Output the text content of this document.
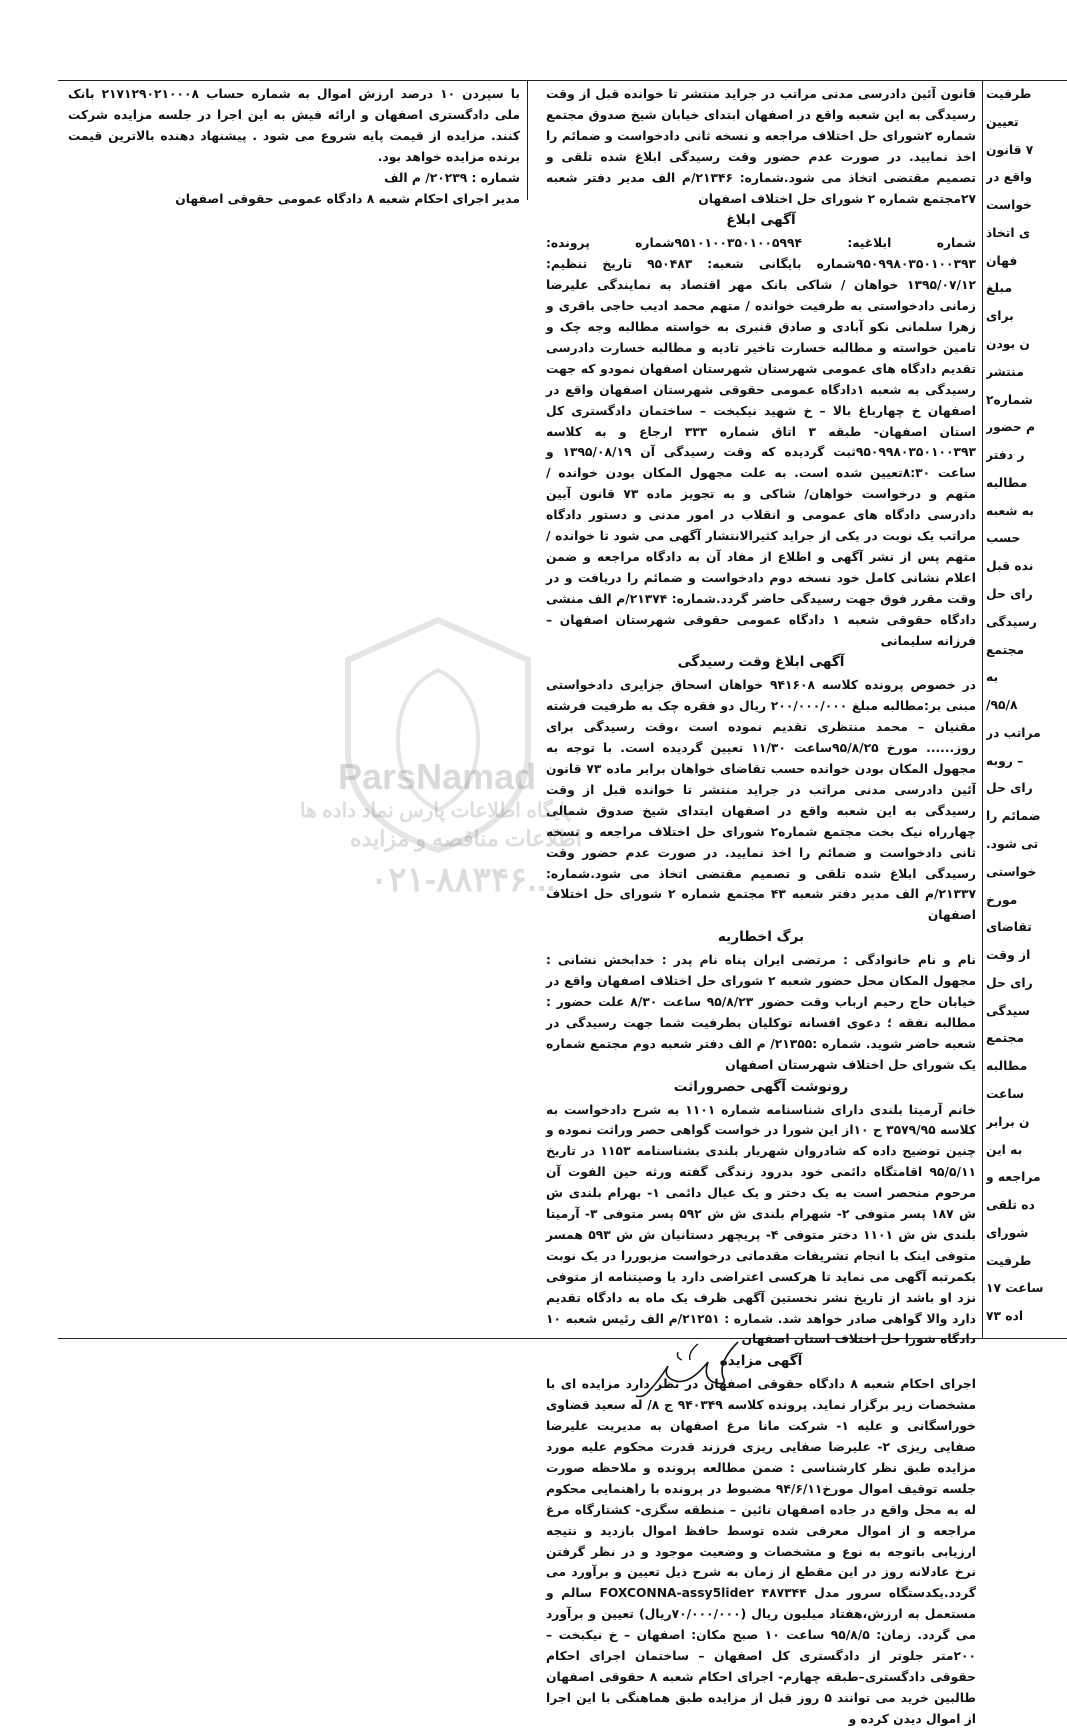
با سپردن ۱۰ درصد ارزش اموال به شماره حساب ۲۱۷۱۲۹۰۲۱۰۰۰۸ بانک ملی دادگستری اصفهان و ارائه فیش به این اجرا در جلسه مزایده شرکت کنند. مزایده از قیمت پایه شروع می شود . پیشنهاد دهنده بالاترین قیمت برنده مزایده خواهد بود.

شماره : ۲۰۲۳۹/ م الف

مدیر اجرای احکام شعبه ۸ دادگاه عمومی حقوقی اصفهان

قانون آئین دادرسی مدنی مراتب در جراید منتشر تا خوانده قبل از وقت رسیدگی به این شعبه واقع در اصفهان ابتدای خیابان شیخ صدوق مجتمع شماره ۲شورای حل اختلاف مراجعه و نسخه ثانی دادخواست و ضمائم را اخذ نمایید. در صورت عدم حضور وقت رسیدگی ابلاغ شده تلقی و تصمیم مقتضی اتخاذ می شود.شماره: ۲۱۳۴۶/م الف مدیر دفتر شعبه ۲۷مجتمع شماره ۲ شورای حل اختلاف اصفهان

آگهی ابلاغ

شماره ابلاغیه: ۹۵۱۰۱۰۰۳۵۰۱۰۰۵۹۹۴شماره پرونده: ۹۵۰۹۹۸۰۳۵۰۱۰۰۳۹۳شماره بایگانی شعبه: ۹۵۰۴۸۳ تاریخ تنظیم: ۱۳۹۵/۰۷/۱۲ خواهان / شاکی بانک مهر اقتصاد به نمایندگی علیرضا زمانی دادخواستی به طرفیت خوانده / متهم محمد ادیب حاجی باقری و زهرا سلمانی نکو آبادی و صادق قنبری به خواسته مطالبه وجه چک و تامین خواسته و مطالبه خسارت تاخیر تادیه و مطالبه خسارت دادرسی تقدیم دادگاه های عمومی شهرستان شهرستان اصفهان نمودو که جهت رسیدگی به شعبه ۱دادگاه عمومی حقوقی شهرستان اصفهان واقع در اصفهان خ چهارباغ بالا – خ شهید نیکبخت – ساختمان دادگستری کل استان اصفهان- طبقه ۳ اتاق شماره ۳۳۳ ارجاع و به کلاسه ۹۵۰۹۹۸۰۳۵۰۱۰۰۳۹۳ثبت گردیده که وقت رسیدگی آن ۱۳۹۵/۰۸/۱۹ و ساعت ۸:۳۰تعیین شده است. به علت مجهول المکان بودن خوانده / متهم و درخواست خواهان/ شاکی و به تجویز ماده ۷۳ قانون آیین دادرسی دادگاه های عمومی و انقلاب در امور مدنی و دستور دادگاه مراتب یک نوبت در یکی از جراید کثیرالانتشار آگهی می شود تا خوانده / متهم پس از نشر آگهی و اطلاع از مفاد آن به دادگاه مراجعه و ضمن اعلام نشانی کامل خود نسخه دوم دادخواست و ضمائم را دریافت و در وقت مقرر فوق جهت رسیدگی حاضر گردد.شماره: ۲۱۳۷۴/م الف منشی دادگاه حقوقی شعبه ۱ دادگاه عمومی حقوقی شهرستان اصفهان – فرزانه سلیمانی

آگهی ابلاغ وقت رسیدگی

در خصوص پرونده کلاسه ۹۴۱۶۰۸ خواهان اسحاق جزایری دادخواستی مبنی بر:مطالبه مبلغ ۲۰۰/۰۰۰/۰۰۰ ریال دو فقره چک به طرفیت فرشته مقنیان – محمد منتظری تقدیم نموده است ،وقت رسیدگی برای روز...... مورخ ۹۵/۸/۲۵ساعت ۱۱/۳۰ تعیین گردیده است. با توجه به مجهول المکان بودن خوانده حسب تقاضای خواهان برابر ماده ۷۳ قانون آئین دادرسی مدنی مراتب در جراید منتشر تا خوانده قبل از وقت رسیدگی به این شعبه واقع در اصفهان ابتدای شیخ صدوق شمالی چهارراه نیک بخت مجتمع شماره۲ شورای حل اختلاف مراجعه و نسخه ثانی دادخواست و ضمائم را اخذ نمایید. در صورت عدم حضور وقت رسیدگی ابلاغ شده تلقی و تصمیم مقتضی اتخاذ می شود.شماره: ۲۱۳۳۷/م الف مدیر دفتر شعبه ۴۳ مجتمع شماره ۲ شورای حل اختلاف اصفهان

برگ اخطاریه

نام و نام خانوادگی : مرتضی ایران پناه نام پدر : خدابخش نشانی : مجهول المکان محل حضور شعبه ۲ شورای حل اختلاف اصفهان واقع در خیابان حاج رحیم ارباب وقت حضور ۹۵/۸/۲۳ ساعت ۸/۳۰ علت حضور : مطالبه نفقه ؛ دعوی افسانه توکلیان بطرفیت شما جهت رسیدگی در شعبه حاضر شوید. شماره :۲۱۳۵۵/ م الف دفتر شعبه دوم مجتمع شماره یک شورای حل اختلاف شهرستان اصفهان

رونوشت آگهی حصروراثت

خانم آرمیتا بلندی دارای شناسنامه شماره ۱۱۰۱ به شرح دادخواست به کلاسه ۳۵۷۹/۹۵ ح ۱۰از این شورا در خواست گواهی حصر وراثت نموده و چنین توضیح داده که شادروان شهریار بلندی بشناسنامه ۱۱۵۳ در تاریخ ۹۵/۵/۱۱ اقامتگاه دائمی خود بدرود زندگی گفته ورثه حین الفوت آن مرحوم منحصر است به یک دختر و یک عیال دائمی ۱- بهرام بلندی ش ش ۱۸۷ پسر متوفی ۲- شهرام بلندی ش ش ۵۹۲ پسر متوفی ۳- آرمیتا بلندی ش ش ۱۱۰۱ دختر متوفی ۴- پریچهر دستانیان ش ش ۵۹۳ همسر متوفی اینک با انجام تشریفات مقدماتی درخواست مزبوررا در یک نوبت یکمرتبه آگهی می نماید تا هرکسی اعتراضی دارد یا وصیتنامه از متوفی نزد او باشد از تاریخ نشر نخستین آگهی ظرف یک ماه به دادگاه تقدیم دارد والا گواهی صادر خواهد شد. شماره : ۲۱۲۵۱/م الف رئیس شعبه ۱۰ دادگاه شورا حل اختلاف استان اصفهان

آگهی مزایده

اجرای احکام شعبه ۸ دادگاه حقوقی اصفهان در نظر دارد مزایده ای با مشخصات زیر برگزار نماید. پرونده کلاسه ۹۴۰۳۴۹ ج ۸/ له سعید قضاوی خوراسگانی و علیه ۱- شرکت مانا مرغ اصفهان به مدیریت علیرضا صفایی ریزی ۲- علیرضا صفایی ریزی فرزند قدرت محکوم علیه مورد مزایده طبق نظر کارشناسی : ضمن مطالعه پرونده و ملاحظه صورت جلسه توقیف اموال مورخ۹۴/۶/۱۱ مضبوط در پرونده با راهنمایی محکوم له به محل واقع در جاده اصفهان نائین – منطقه سگزی- کشتارگاه مرغ مراجعه و از اموال معرفی شده توسط حافظ اموال بازدید و نتیجه ارزیابی باتوجه به نوع و مشخصات و وضعیت موجود و در نظر گرفتن نرخ عادلانه روز در این مقطع از زمان به شرح ذیل تعیین و برآورد می گردد.یکدستگاه سرور مدل FOXCONNA-assy5lide۲ ۴۸۷۳۴۴ سالم و مستعمل به ارزش،هفتاد میلیون ریال (۷۰/۰۰۰/۰۰۰ریال) تعیین و برآورد می گردد. زمان: ۹۵/۸/۵ ساعت ۱۰ صبح مکان: اصفهان – خ نیکبخت –۲۰۰متر جلوتر از دادگستری کل اصفهان – ساختمان اجرای احکام حقوقی دادگستری–طبقه چهارم- اجرای احکام شعبه ۸ حقوقی اصفهان طالبین خرید می توانند ۵ روز قبل از مزایده طبق هماهنگی با این اجرا از اموال دیدن کرده و

طرفیت
تعیین
۷ قانون
واقع در
خواست
ی اتخاذ
فهان
مبلغ
برای
ن بودن
منتشر
شماره۲
م حضور
ر دفتر
مطالبه
به شعبه
حسب
نده قبل
رای حل
رسیدگی
مجتمع
به
۹۵/۸/
مراتب در
– روبه
رای حل
ضمائم را
تی شود.
خواستی
مورخ
تقاضای
از وقت
رای حل
سیدگی
مجتمع
مطالبه
ساعت
ن برابر
به این
مراجعه و
ده تلقی
شورای
طرفیت
ساعت ۱۷
اده ۷۳
ParsNamad
پایگاه اطلاعات پارس نماد داده ها
اطلاعات مناقصه و مزایده
۰۲۱-۸۸۳۴۶...
